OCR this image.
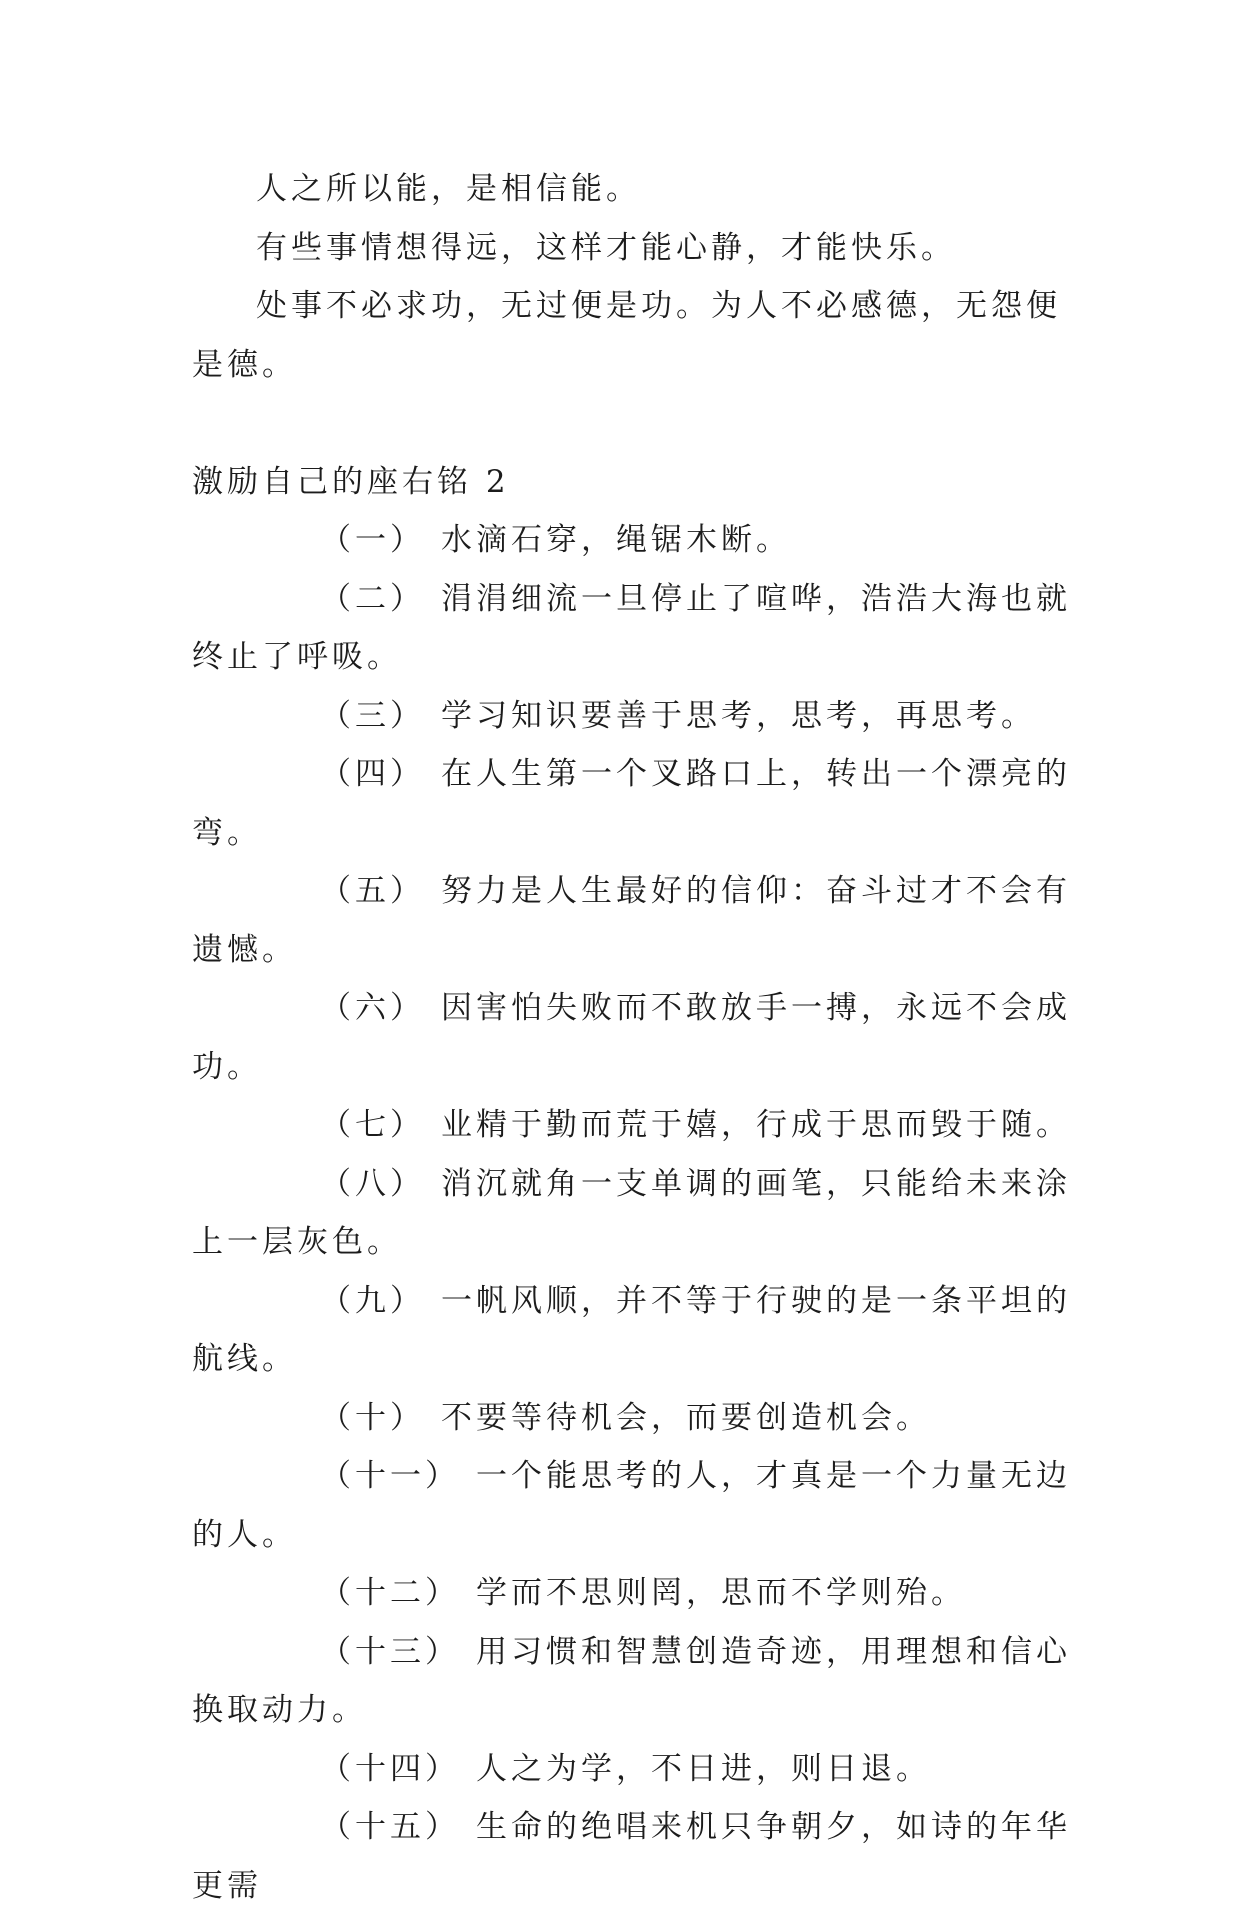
人之所以能，是相信能。

有些事情想得远，这样才能心静，才能快乐。

处事不必求功，无过便是功。为人不必感德，无怨便是德。

激励自己的座右铭 2

（一） 水滴石穿，绳锯木断。

（二） 涓涓细流一旦停止了喧哗，浩浩大海也就终止了呼吸。

（三） 学习知识要善于思考，思考，再思考。

（四） 在人生第一个叉路口上，转出一个漂亮的弯。

（五） 努力是人生最好的信仰：奋斗过才不会有遗憾。

（六） 因害怕失败而不敢放手一搏，永远不会成功。

（七） 业精于勤而荒于嬉，行成于思而毁于随。

（八） 消沉就角一支单调的画笔，只能给未来涂上一层灰色。

（九） 一帆风顺，并不等于行驶的是一条平坦的航线。

（十） 不要等待机会，而要创造机会。

（十一） 一个能思考的人，才真是一个力量无边的人。

（十二） 学而不思则罔，思而不学则殆。

（十三） 用习惯和智慧创造奇迹，用理想和信心换取动力。

（十四） 人之为学，不日进，则日退。

（十五） 生命的绝唱来机只争朝夕，如诗的年华更需
